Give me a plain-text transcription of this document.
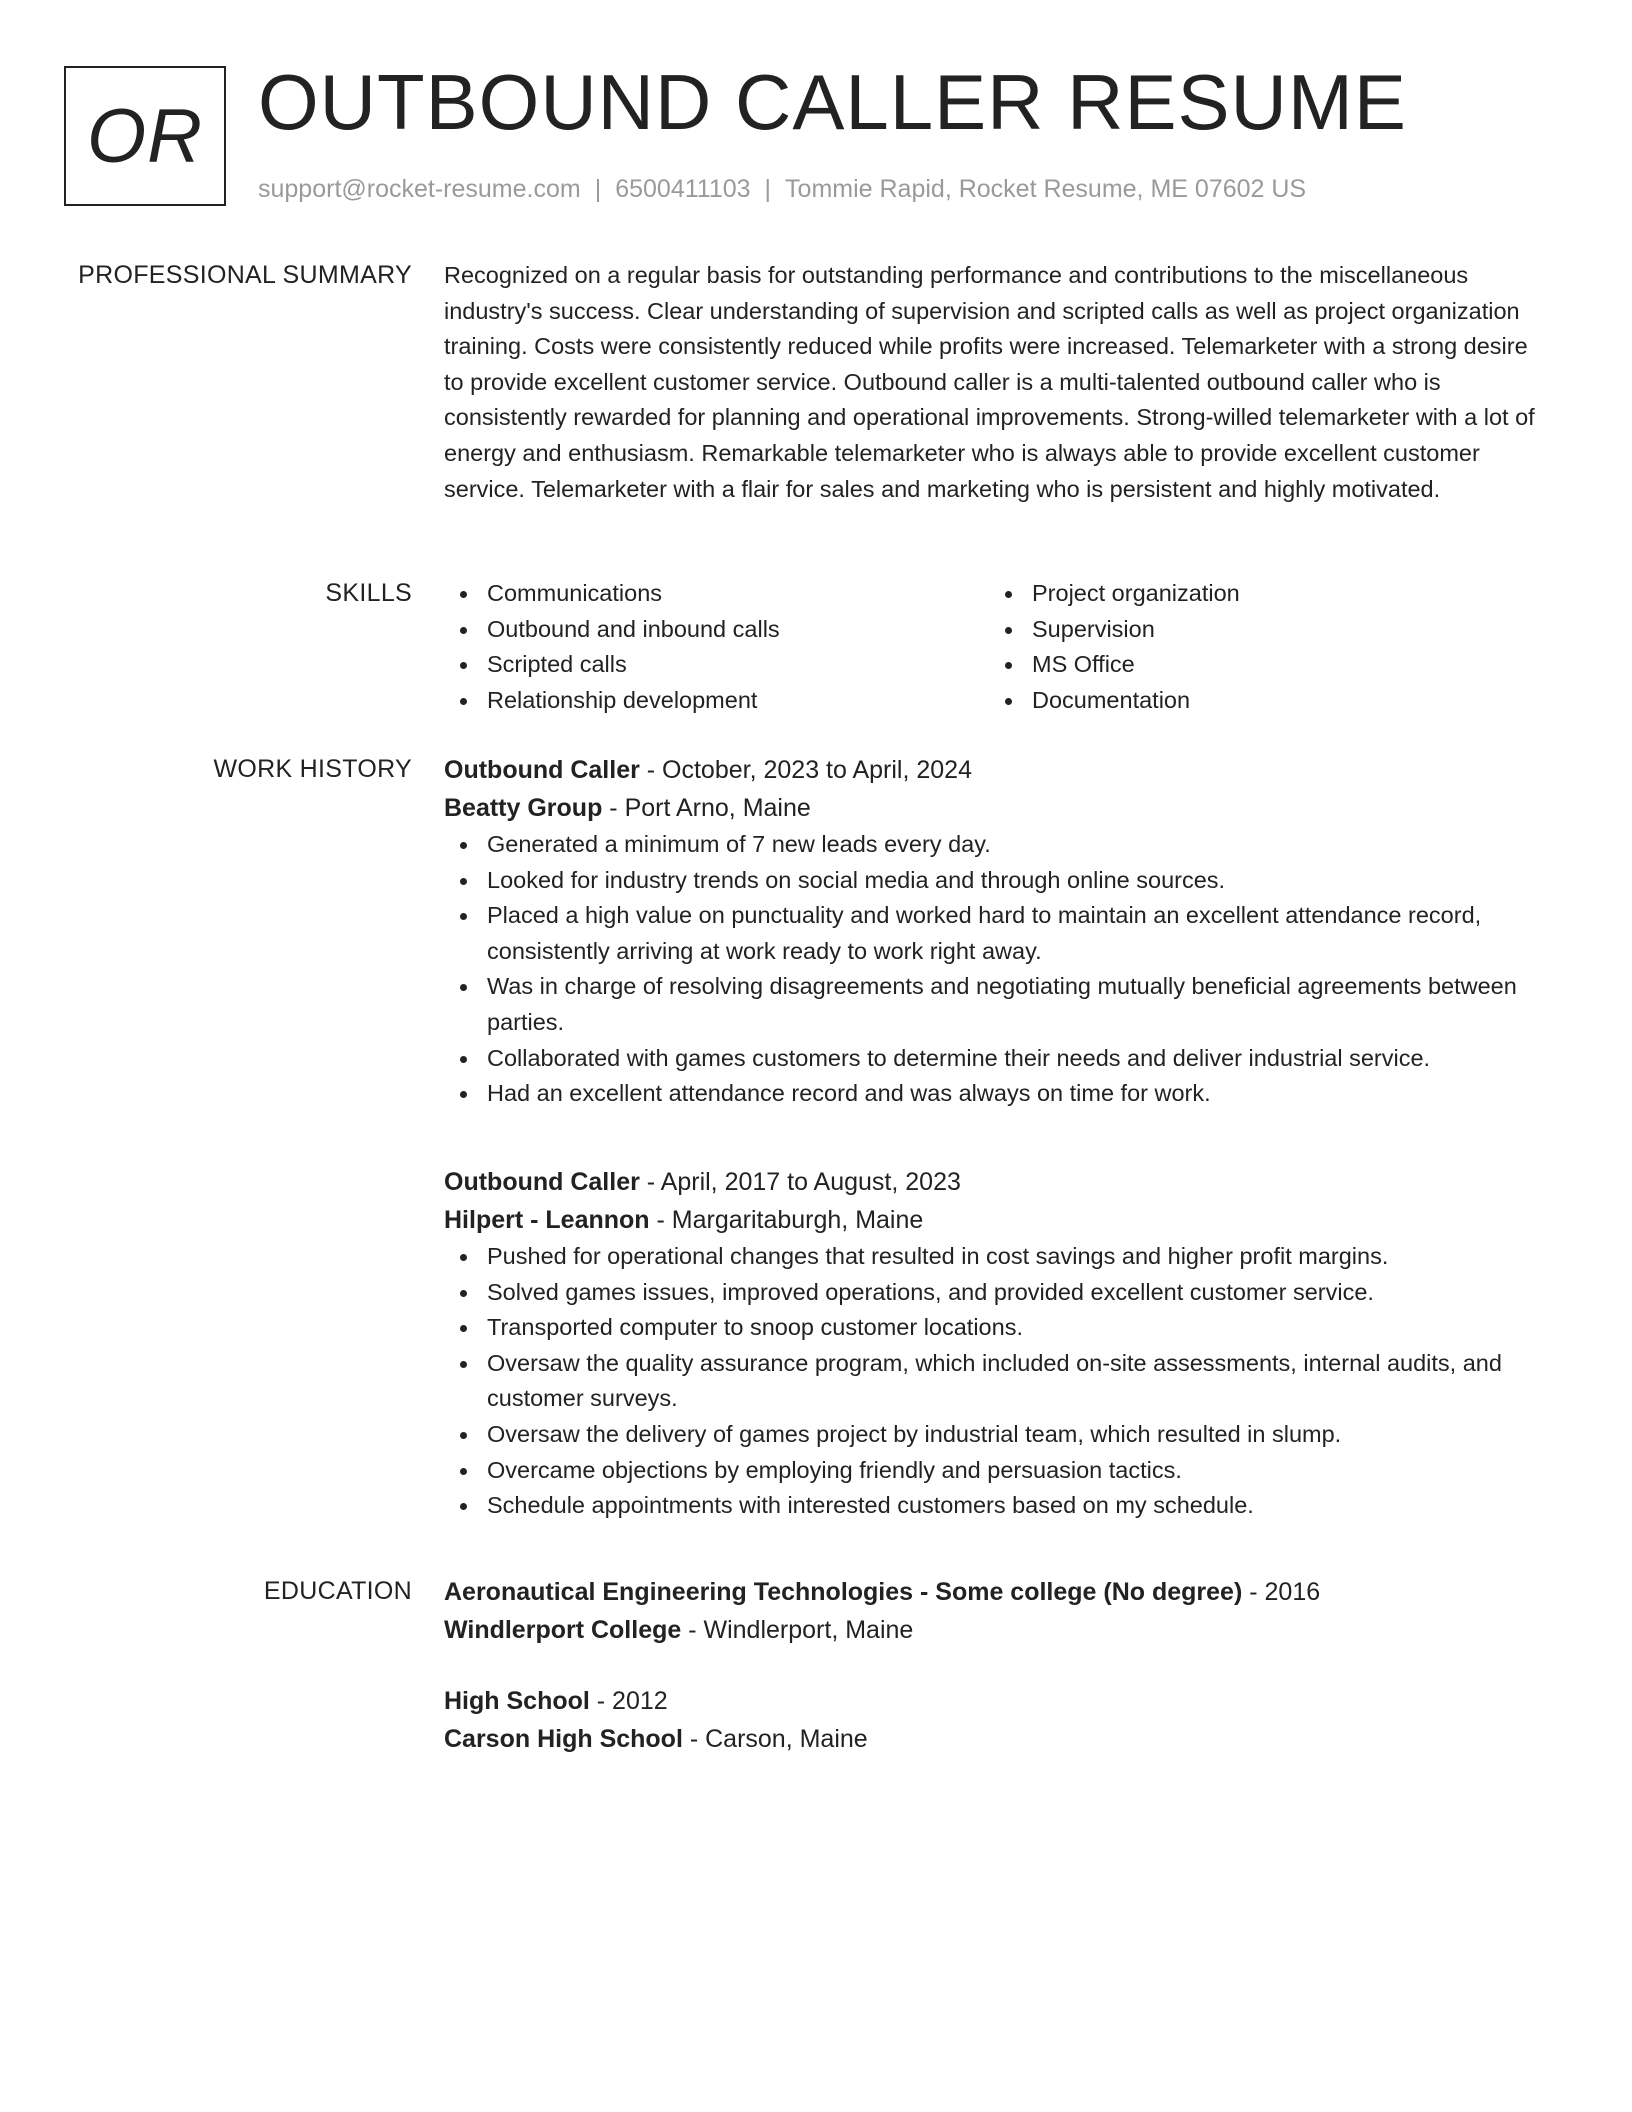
OR OUTBOUND CALLER RESUME
support@rocket-resume.com | 6500411103 | Tommie Rapid, Rocket Resume, ME 07602 US
PROFESSIONAL SUMMARY Recognized on a regular basis for outstanding performance and contributions to the miscellaneous industry's success. Clear understanding of supervision and scripted calls as well as project organization training. Costs were consistently reduced while profits were increased. Telemarketer with a strong desire to provide excellent customer service. Outbound caller is a multi-talented outbound caller who is consistently rewarded for planning and operational improvements. Strong-willed telemarketer with a lot of energy and enthusiasm. Remarkable telemarketer who is always able to provide excellent customer service. Telemarketer with a flair for sales and marketing who is persistent and highly motivated.

SKILLS	Communications	Project organization
Outbound and inbound calls	Supervision
Scripted calls	MS Office
Relationship development	Documentation
WORK HISTORY Outbound Caller - October, 2023 to April, 2024
Beatty Group - Port Arno, Maine
Generated a minimum of 7 new leads every day.
Looked for industry trends on social media and through online sources.
Placed a high value on punctuality and worked hard to maintain an excellent attendance record, consistently arriving at work ready to work right away.
Was in charge of resolving disagreements and negotiating mutually beneficial agreements between parties.
Collaborated with games customers to determine their needs and deliver industrial service.
Had an excellent attendance record and was always on time for work.
Outbound Caller - April, 2017 to August, 2023
Hilpert - Leannon - Margaritaburgh, Maine
Pushed for operational changes that resulted in cost savings and higher profit margins.
Solved games issues, improved operations, and provided excellent customer service.
Transported computer to snoop customer locations.
Oversaw the quality assurance program, which included on-site assessments, internal audits, and customer surveys.
Oversaw the delivery of games project by industrial team, which resulted in slump.
Overcame objections by employing friendly and persuasion tactics.
Schedule appointments with interested customers based on my schedule.
EDUCATION Aeronautical Engineering Technologies - Some college (No degree) - 2016
Windlerport College - Windlerport, Maine
High School - 2012
Carson High School - Carson, Maine
